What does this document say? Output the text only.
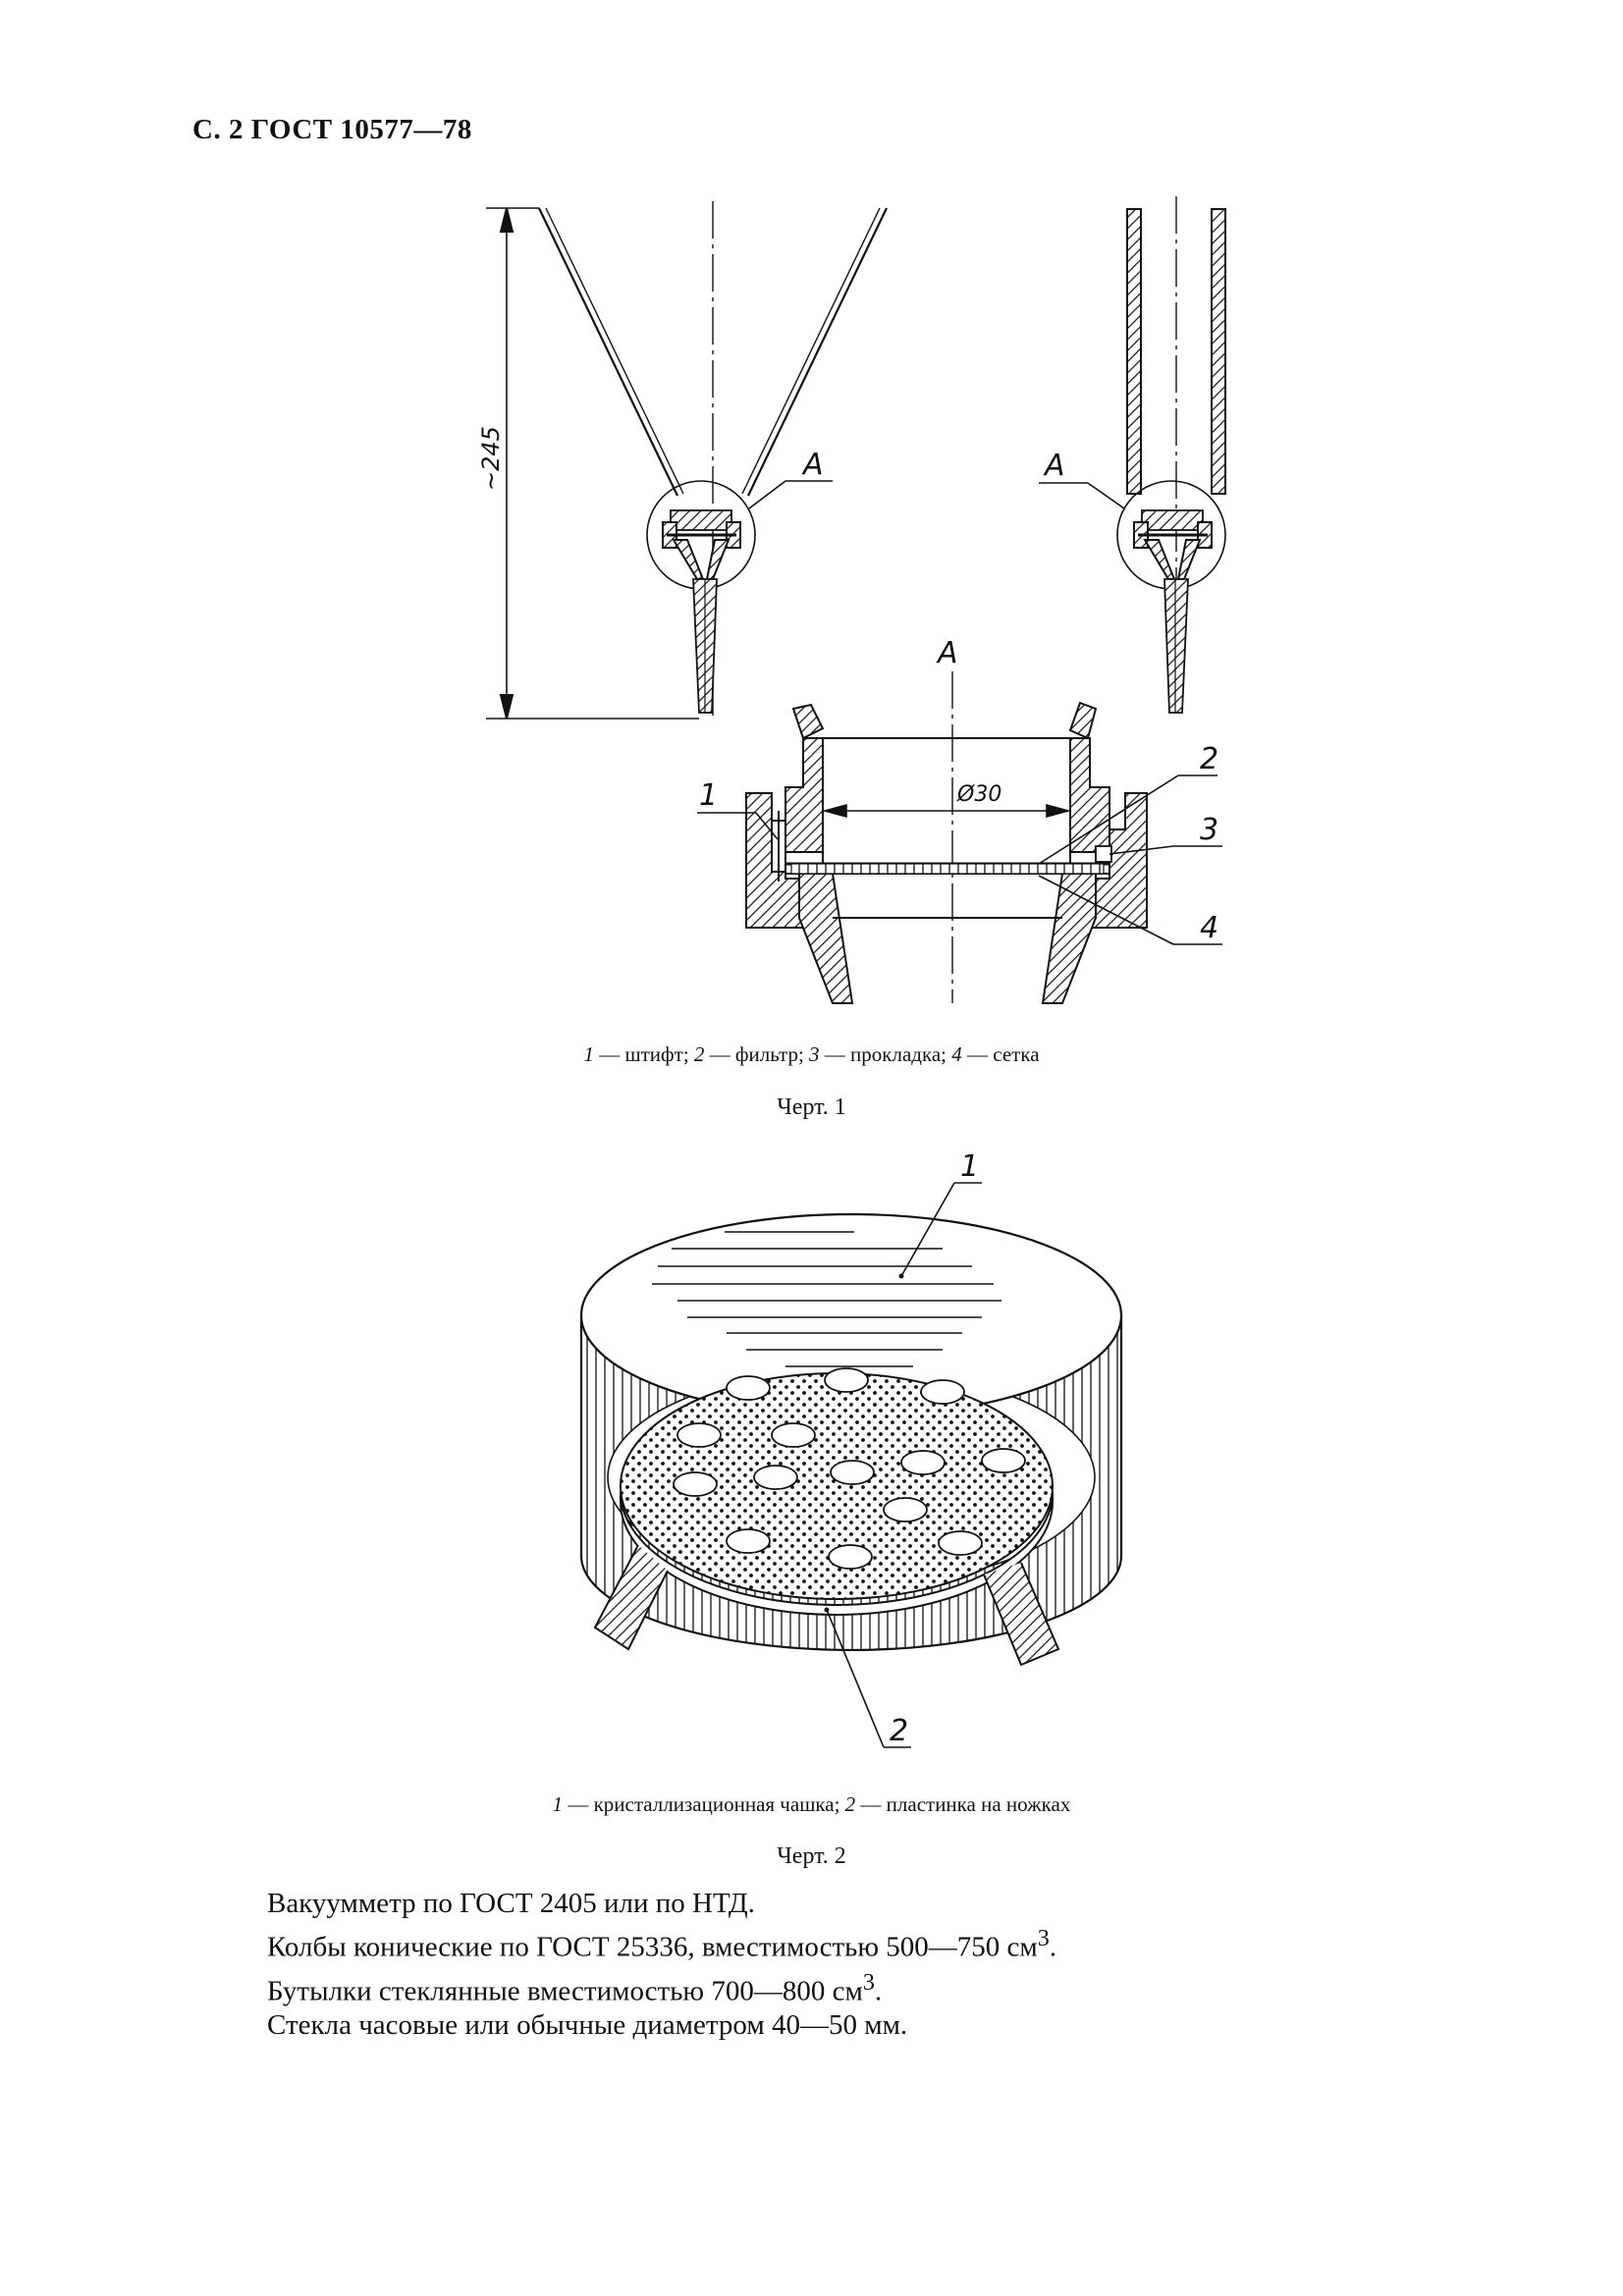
С. 2 ГОСТ 10577—78
~245	A	A
A
Ø30
1
2
3
4
1
2
1 — штифт; 2 — фильтр; 3 — прокладка; 4 — сетка
Черт. 1
1 — кристаллизационная чашка; 2 — пластинка на ножках
Черт. 2

Вакуумметр по ГОСТ 2405 или по НТД.

Колбы конические по ГОСТ 25336, вместимостью 500—750 $см^3$.

Бутылки стеклянные вместимостью 700—800 $см^3$.

Стекла часовые или обычные диаметром 40—50 мм.
